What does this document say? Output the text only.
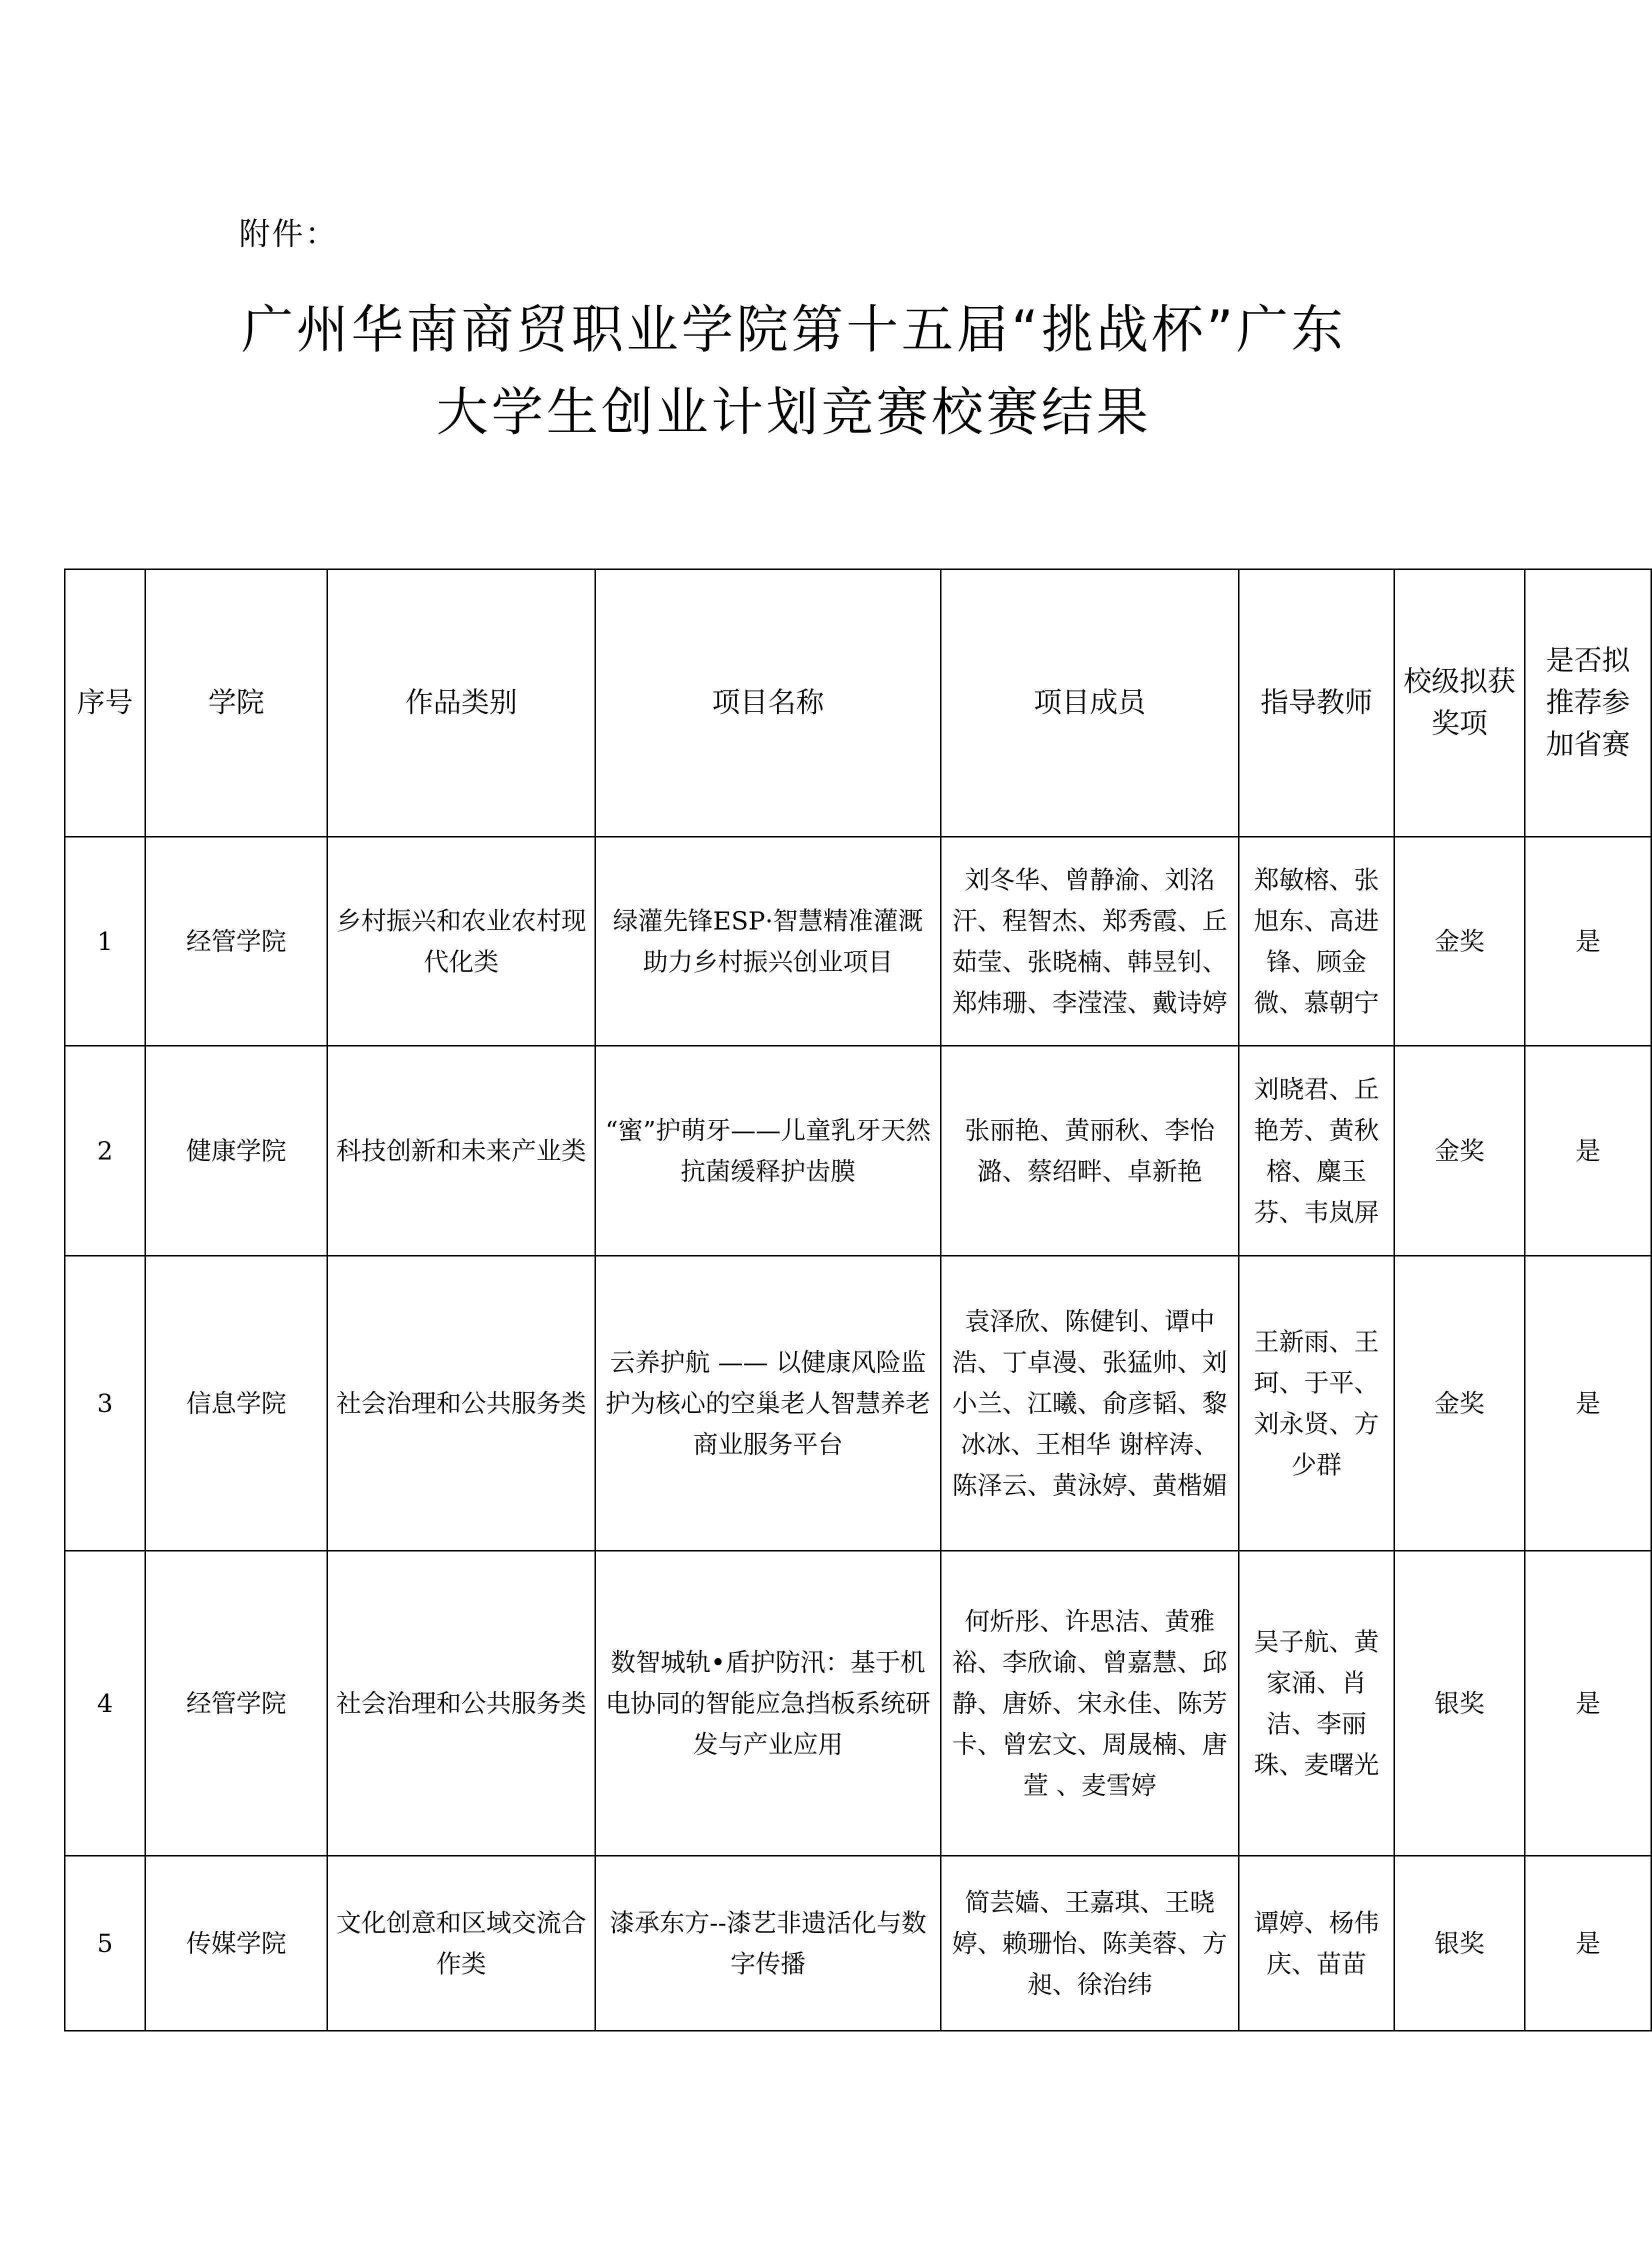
附件：
广州华南商贸职业学院第十五届“挑战杯”广东
大学生创业计划竞赛校赛结果
序号	学院	作品类别	项目名称	项目成员	指导教师	校级拟获奖项	是否拟推荐参加省赛
1	经管学院	乡村振兴和农业农村现代化类	绿灌先锋ESP·智慧精准灌溉助力乡村振兴创业项目	刘冬华、曾静渝、刘洺汗、程智杰、郑秀霞、丘茹莹、张晓楠、韩昱钊、郑炜珊、李滢滢、戴诗婷	郑敏榕、张旭东、高进锋、顾金微、慕朝宁	金奖	是
2	健康学院	科技创新和未来产业类	“蜜”护萌牙——儿童乳牙天然抗菌缓释护齿膜	张丽艳、黄丽秋、李怡潞、蔡绍畔、卓新艳	刘晓君、丘艳芳、黄秋榕、麋玉芬、韦岚屏	金奖	是
3	信息学院	社会治理和公共服务类	云养护航 —— 以健康风险监护为核心的空巢老人智慧养老商业服务平台	袁泽欣、陈健钊、谭中浩、丁卓漫、张猛帅、刘小兰、江曦、俞彦韬、黎冰冰、王相华 谢梓涛、陈泽云、黄泳婷、黄楷媚	王新雨、王珂、于平、刘永贤、方少群	金奖	是
4	经管学院	社会治理和公共服务类	数智城轨•盾护防汛：基于机电协同的智能应急挡板系统研发与产业应用	何炘彤、许思洁、黄雅裕、李欣谕、曾嘉慧、邱静、唐娇、宋永佳、陈芳卡、曾宏文、周晟楠、唐萱 、麦雪婷	吴子航、黄家涌、肖洁、李丽珠、麦曙光	银奖	是
5	传媒学院	文化创意和区域交流合作类	漆承东方--漆艺非遗活化与数字传播	简芸嫱、王嘉琪、王晓婷、赖珊怡、陈美蓉、方昶、徐治纬	谭婷、杨伟庆、苗苗	银奖	是
